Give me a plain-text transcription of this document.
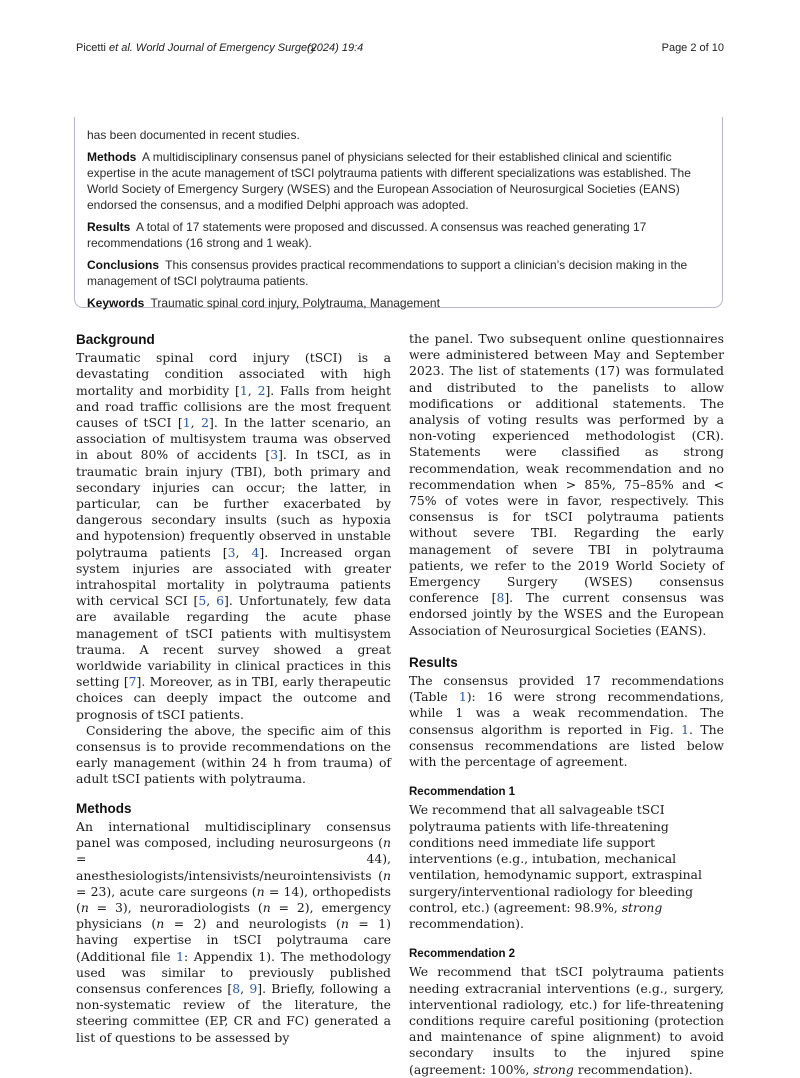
Picetti et al. World Journal of Emergency Surgery
(2024) 19:4	Page 2 of 10

has been documented in recent studies.

Methods A multidisciplinary consensus panel of physicians selected for their established clinical and scientific expertise in the acute management of tSCI polytrauma patients with different specializations was established. The World Society of Emergency Surgery (WSES) and the European Association of Neurosurgical Societies (EANS) endorsed the consensus, and a modified Delphi approach was adopted.

Results A total of 17 statements were proposed and discussed. A consensus was reached generating 17 recommendations (16 strong and 1 weak).

Conclusions This consensus provides practical recommendations to support a clinician’s decision making in the management of tSCI polytrauma patients.

Keywords Traumatic spinal cord injury, Polytrauma, Management

Background

Traumatic spinal cord injury (tSCI) is a devastating condition associated with high mortality and morbidity [1, 2]. Falls from height and road traffic collisions are the most frequent causes of tSCI [1, 2]. In the latter scenario, an association of multisystem trauma was observed in about 80% of accidents [3]. In tSCI, as in traumatic brain injury (TBI), both primary and secondary injuries can occur; the latter, in particular, can be further exacerbated by dangerous secondary insults (such as hypoxia and hypotension) frequently observed in unstable polytrauma patients [3, 4]. Increased organ system injuries are associated with greater intrahospital mortality in polytrauma patients with cervical SCI [5, 6]. Unfortunately, few data are available regarding the acute phase management of tSCI patients with multisystem trauma. A recent survey showed a great worldwide variability in clinical practices in this setting [7]. Moreover, as in TBI, early therapeutic choices can deeply impact the outcome and prognosis of tSCI patients.

Considering the above, the specific aim of this consensus is to provide recommendations on the early management (within 24 h from trauma) of adult tSCI patients with polytrauma.

Methods

An international multidisciplinary consensus panel was composed, including neurosurgeons (n = 44), anesthesiologists/intensivists/neurointensivists (n = 23), acute care surgeons (n = 14), orthopedists (n = 3), neuroradiologists (n = 2), emergency physicians (n = 2) and neurologists (n = 1) having expertise in tSCI polytrauma care (Additional file 1: Appendix 1). The methodology used was similar to previously published consensus conferences [8, 9]. Briefly, following a non-systematic review of the literature, the steering committee (EP, CR and FC) generated a list of questions to be assessed by

the panel. Two subsequent online questionnaires were administered between May and September 2023. The list of statements (17) was formulated and distributed to the panelists to allow modifications or additional statements. The analysis of voting results was performed by a non-voting experienced methodologist (CR). Statements were classified as strong recommendation, weak recommendation and no recommendation when > 85%, 75–85% and < 75% of votes were in favor, respectively. This consensus is for tSCI polytrauma patients without severe TBI. Regarding the early management of severe TBI in polytrauma patients, we refer to the 2019 World Society of Emergency Surgery (WSES) consensus conference [8]. The current consensus was endorsed jointly by the WSES and the European Association of Neurosurgical Societies (EANS).

Results

The consensus provided 17 recommendations (Table 1): 16 were strong recommendations, while 1 was a weak recommendation. The consensus algorithm is reported in Fig. 1. The consensus recommendations are listed below with the percentage of agreement.

Recommendation 1

We recommend that all salvageable tSCI polytrauma patients with life-threatening conditions need immediate life support interventions (e.g., intubation, mechanical ventilation, hemodynamic support, extraspinal surgery/interventional radiology for bleeding control, etc.) (agreement: 98.9%, strong recommendation).

Recommendation 2

We recommend that tSCI polytrauma patients needing extracranial interventions (e.g., surgery, interventional radiology, etc.) for life-threatening conditions require careful positioning (protection and maintenance of spine alignment) to avoid secondary insults to the injured spine (agreement: 100%, strong recommendation).
